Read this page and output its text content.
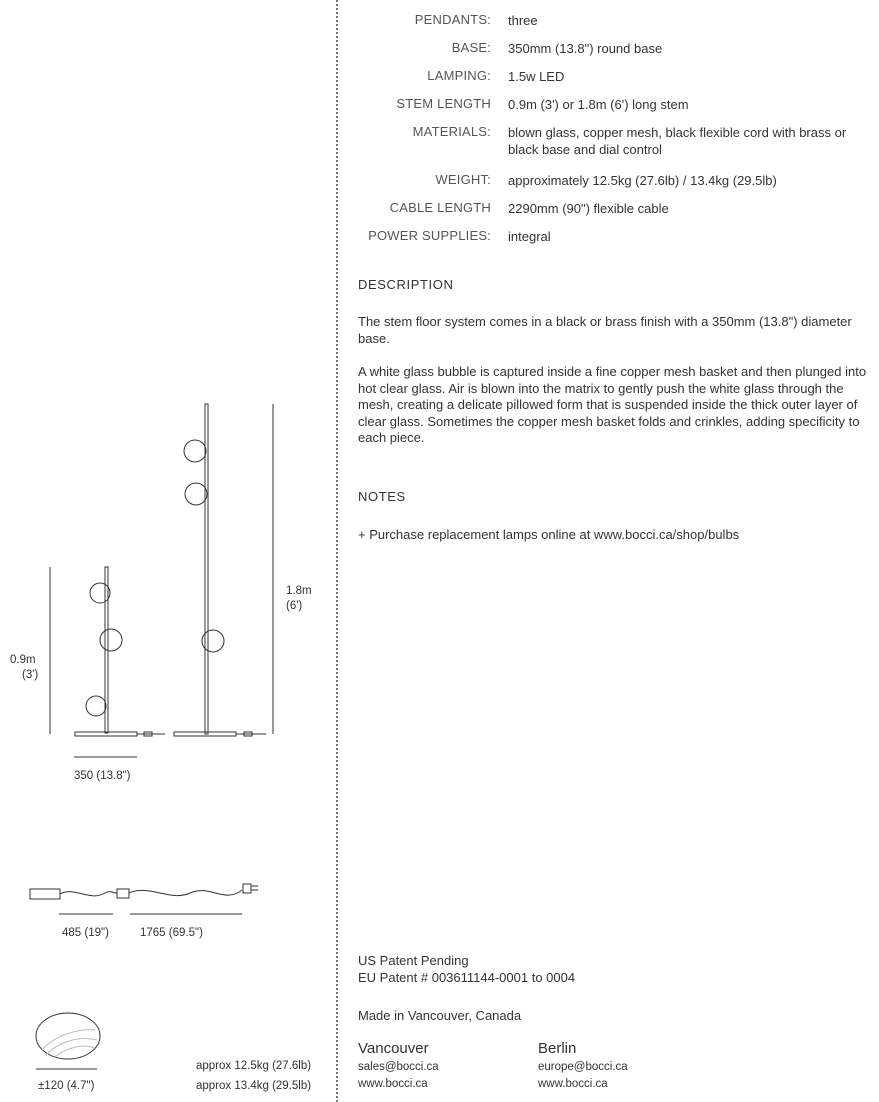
PENDANTS: three
BASE: 350mm (13.8") round base
LAMPING: 1.5w LED
STEM LENGTH 0.9m (3') or 1.8m (6') long stem
MATERIALS: blown glass, copper mesh, black flexible cord with brass or black base and dial control
WEIGHT: approximately 12.5kg (27.6lb) / 13.4kg (29.5lb)
CABLE LENGTH 2290mm (90") flexible cable
POWER SUPPLIES: integral
DESCRIPTION
The stem floor system comes in a black or brass finish with a 350mm (13.8") diameter base.
A white glass bubble is captured inside a fine copper mesh basket and then plunged into hot clear glass. Air is blown into the matrix to gently push the white glass through the mesh, creating a delicate pillowed form that is suspended inside the thick outer layer of clear glass. Sometimes the copper mesh basket folds and crinkles, adding specificity to each piece.
NOTES
+ Purchase replacement lamps online at www.bocci.ca/shop/bulbs
US Patent Pending
EU Patent # 003611144-0001 to 0004
Made in Vancouver, Canada
Vancouver
sales@bocci.ca
www.bocci.ca
Berlin
europe@bocci.ca
www.bocci.ca
0.9m
(3')
1.8m
(6')
350 (13.8")
485 (19")	1765 (69.5")
±120 (4.7")
approx 12.5kg (27.6lb)
approx 13.4kg (29.5lb)
